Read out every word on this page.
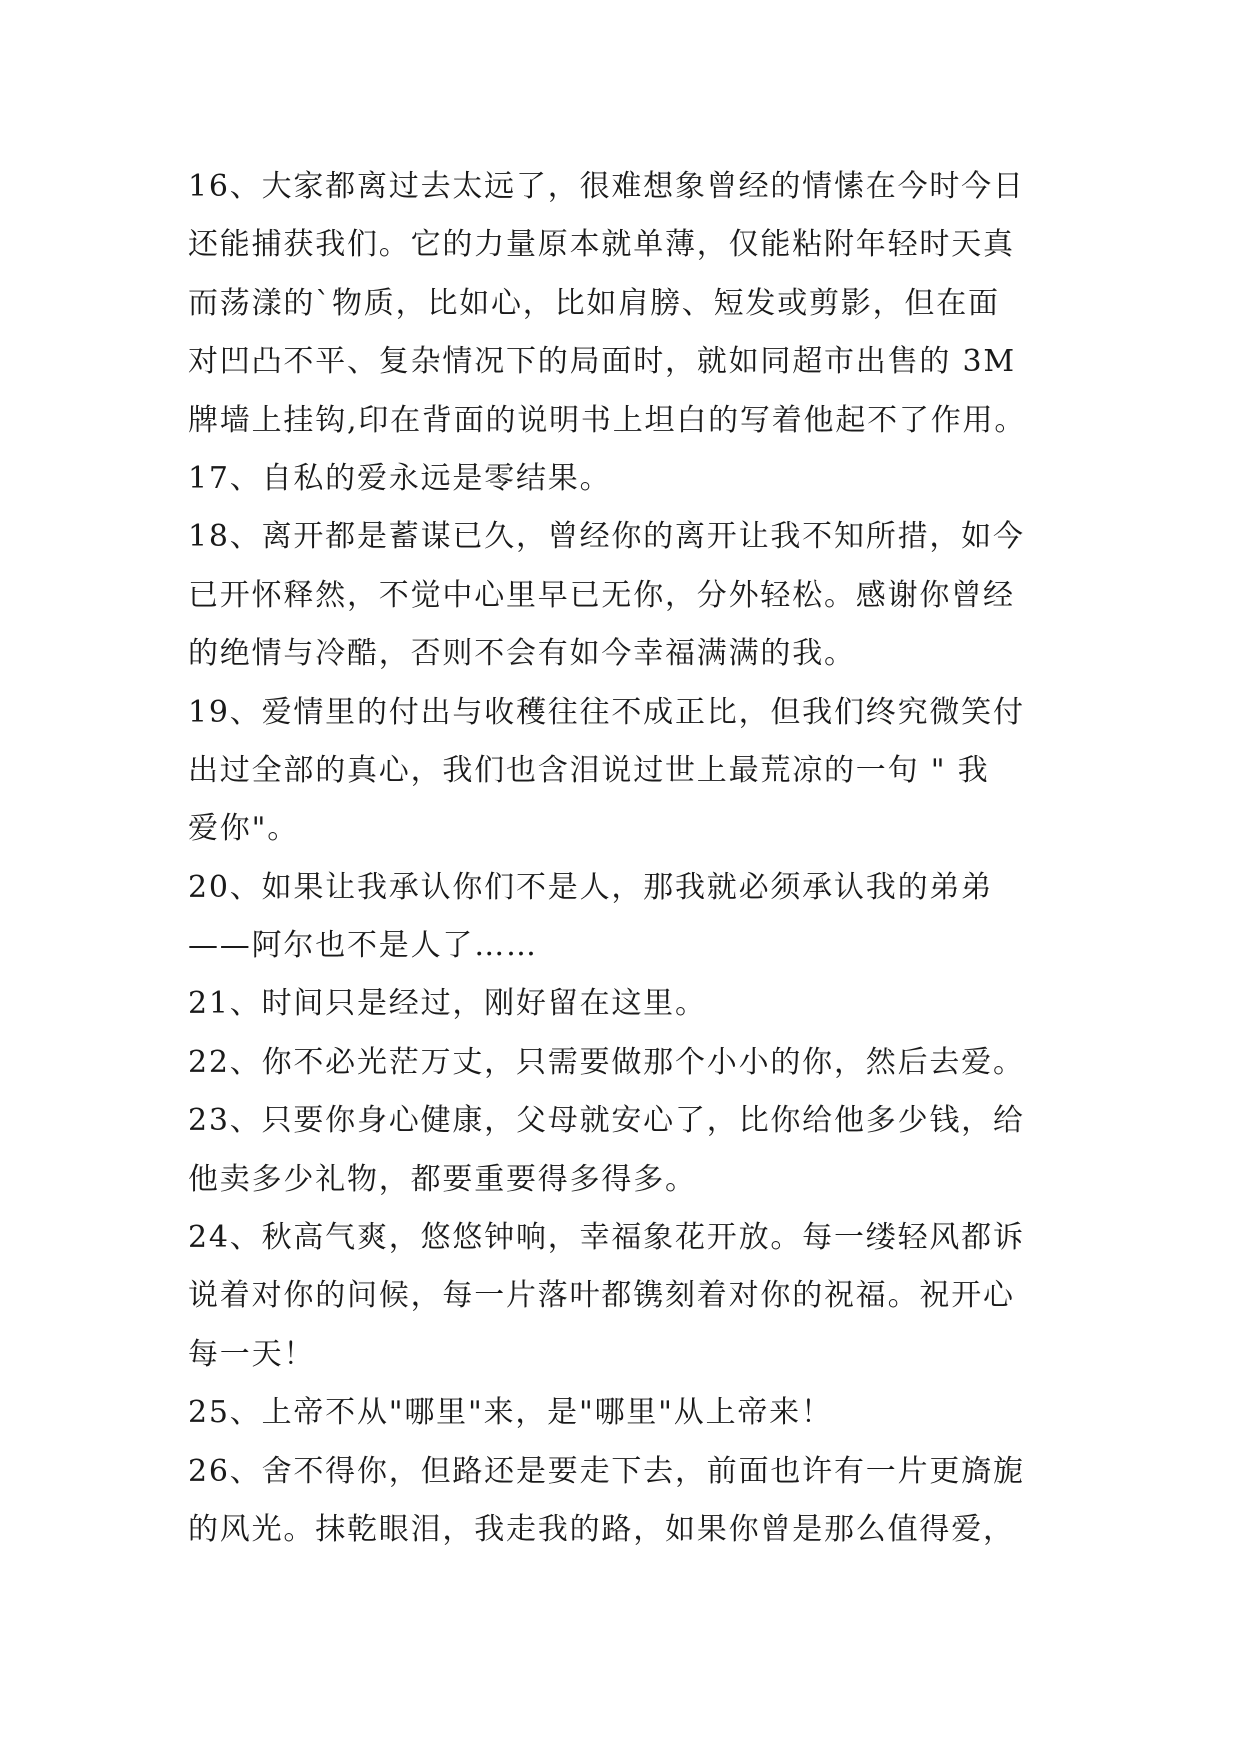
16、大家都离过去太远了，很难想象曾经的情愫在今时今日
还能捕获我们。它的力量原本就单薄，仅能粘附年轻时天真
而荡漾的`物质，比如心，比如肩膀、短发或剪影，但在面
对凹凸不平、复杂情况下的局面时，就如同超市出售的 3M
牌墙上挂钩,印在背面的说明书上坦白的写着他起不了作用。
17、自私的爱永远是零结果。
18、离开都是蓄谋已久，曾经你的离开让我不知所措，如今
已开怀释然，不觉中心里早已无你，分外轻松。感谢你曾经
的绝情与冷酷，否则不会有如今幸福满满的我。
19、爱情里的付出与收穫往往不成正比，但我们终究微笑付
出过全部的真心，我们也含泪说过世上最荒凉的一句 " 我
爱你"。
20、如果让我承认你们不是人，那我就必须承认我的弟弟
——阿尔也不是人了……
21、时间只是经过，刚好留在这里。
22、你不必光茫万丈，只需要做那个小小的你，然后去爱。
23、只要你身心健康，父母就安心了，比你给他多少钱，给
他卖多少礼物，都要重要得多得多。
24、秋高气爽，悠悠钟响，幸福象花开放。每一缕轻风都诉
说着对你的问候，每一片落叶都镌刻着对你的祝福。祝开心
每一天！
25、上帝不从"哪里"来，是"哪里"从上帝来！
26、舍不得你，但路还是要走下去，前面也许有一片更旖旎
的风光。抹乾眼泪，我走我的路，如果你曾是那么值得爱，
